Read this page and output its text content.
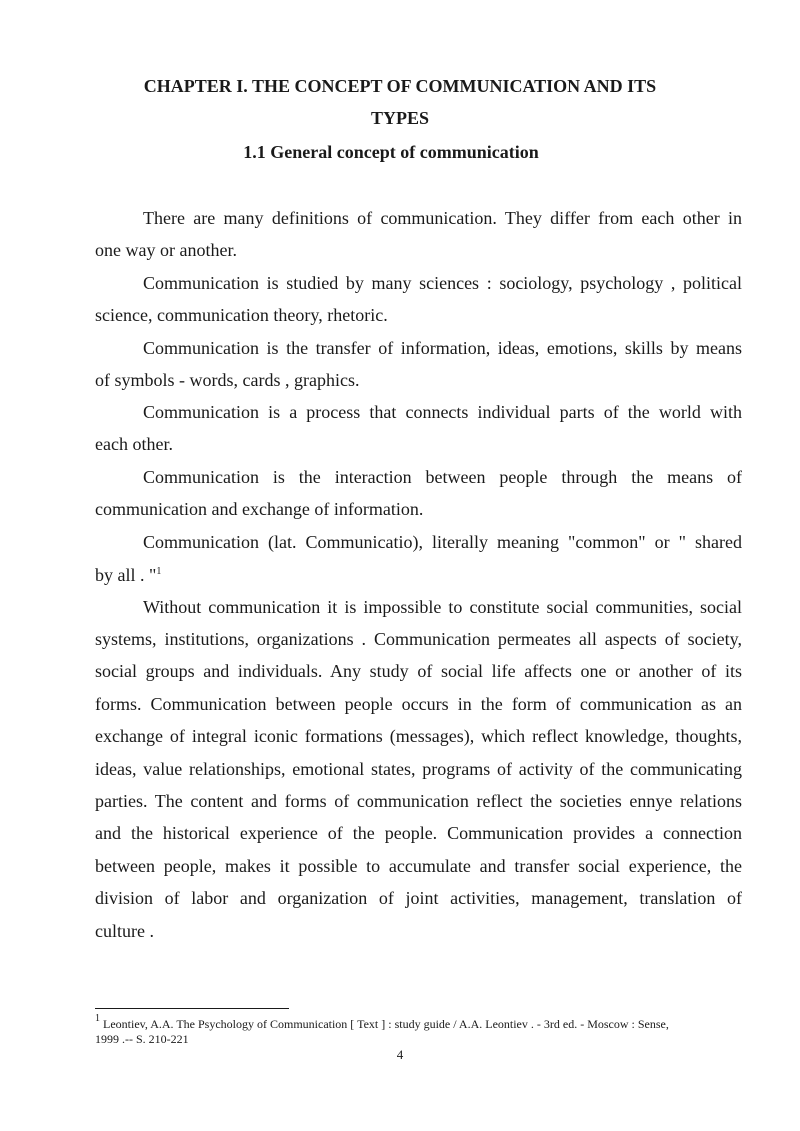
CHAPTER I. THE CONCEPT OF COMMUNICATION AND ITS

TYPES

1.1 General concept of communication

There are many definitions of communication. They differ from each other in

one way or another.

Communication is studied by many sciences : sociology, psychology , political

science, communication theory, rhetoric.

Communication is the transfer of information, ideas, emotions, skills by means

of symbols - words, cards , graphics.

Communication is a process that connects individual parts of the world with

each other.

Communication is the interaction between people through the means of

communication and exchange of information.

Communication (lat. Communicatio), literally meaning "common" or " shared

by all . "$^1$

Without communication it is impossible to constitute social communities, social

systems, institutions, organizations . Communication permeates all aspects of society,

social groups and individuals. Any study of social life affects one or another of its

forms. Communication between people occurs in the form of communication as an

exchange of integral iconic formations (messages), which reflect knowledge, thoughts,

ideas, value relationships, emotional states, programs of activity of the communicating

parties. The content and forms of communication reflect the societies ennye relations

and the historical experience of the people. Communication provides a connection

between people, makes it possible to accumulate and transfer social experience, the

division of labor and organization of joint activities, management, translation of

culture .

$^1$ Leontiev, A.A. The Psychology of Communication [ Text ] : study guide / A.A. Leontiev . - 3rd ed. - Moscow : Sense,

1999 .-- S. 210-221

4
